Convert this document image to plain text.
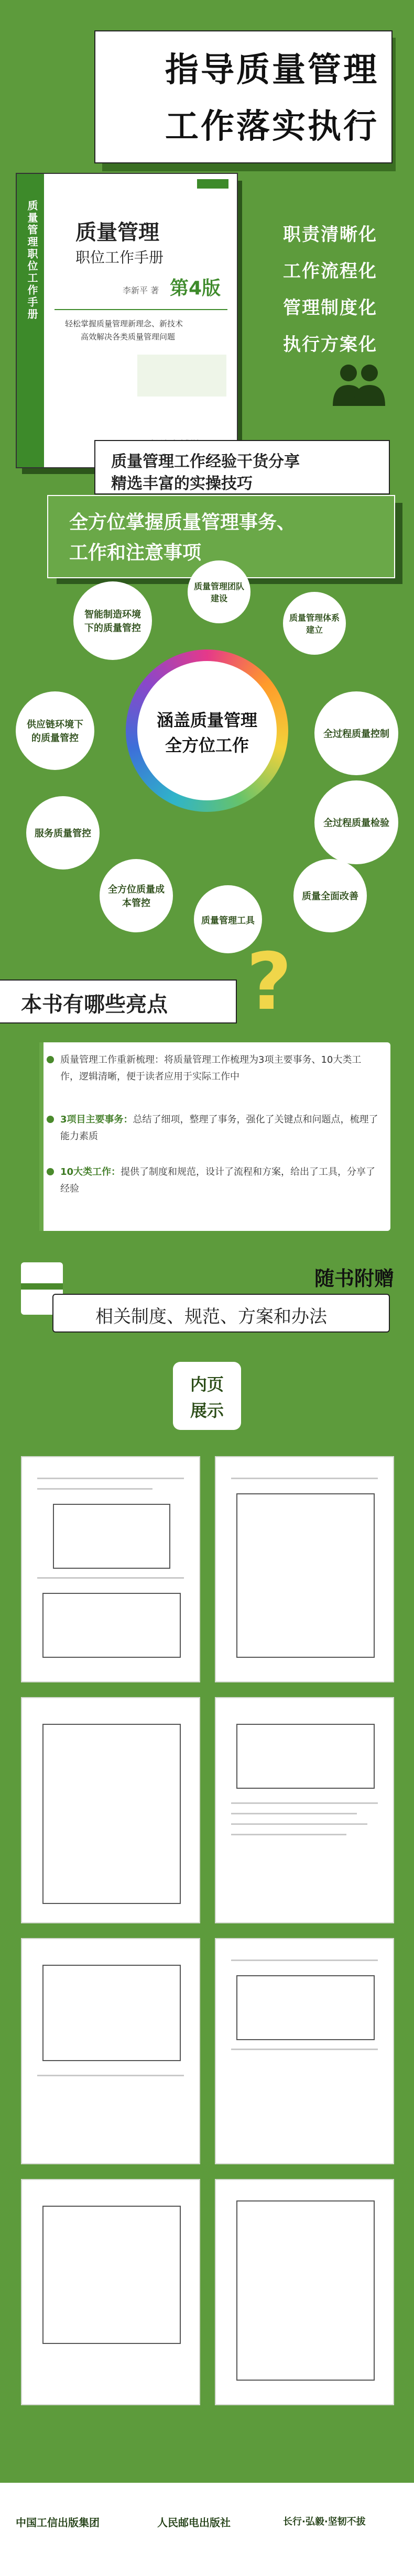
指导质量管理
工作落实执行
质量管理职位工作手册 质量管理
职位工作手册
李新平 著 第4版
轻松掌握质量管理新理念、新技术
高效解决各类质量管理问题
职责清晰化
工作流程化
管理制度化
执行方案化
质量管理工作经验干货分享
精选丰富的实操技巧
全方位掌握质量管理事务、
工作和注意事项
涵盖质量管理
全方位工作
智能制造环境下的质量管控
质量管理团队建设
质量管理体系建立
供应链环境下的质量管控	全过程质量控制
服务质量管控
全过程质量检验
质量全面改善
全方位质量成本管控
质量管理工具
本书有哪些亮点 ?
质量管理工作重新梳理：将质量管理工作梳理为3项主要事务、10大类工作，逻辑清晰，便于读者应用于实际工作中
3项目主要事务：总结了细项，整理了事务，强化了关键点和问题点，梳理了能力素质
10大类工作：提供了制度和规范，设计了流程和方案，给出了工具，分享了经验
随书附赠
相关制度、规范、方案和办法
内页
展示
中国工信出版集团	人民邮电出版社	长行·弘毅·坚韧不拔
